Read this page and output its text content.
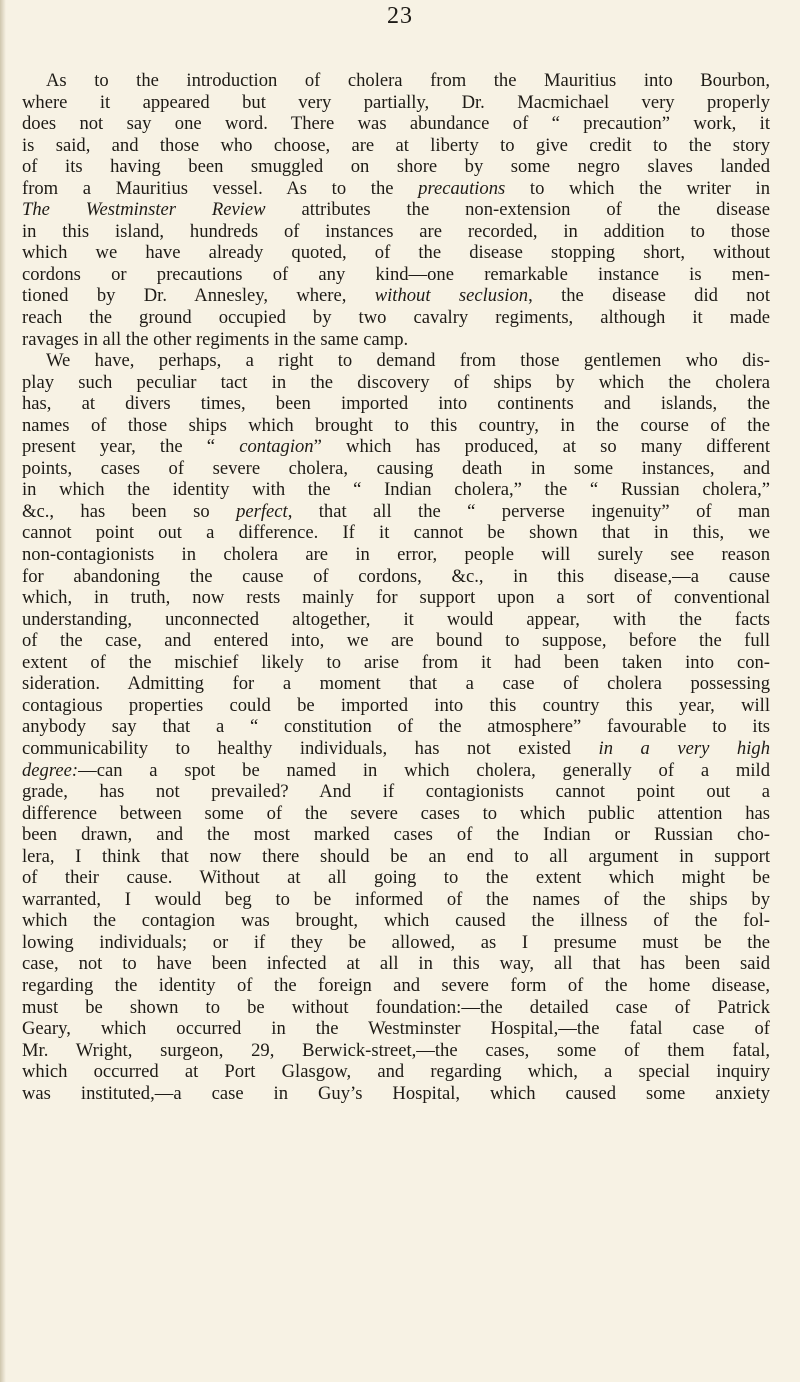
23
As to the introduction of cholera from the Mauritius into Bourbon,
where it appeared but very partially, Dr. Macmichael very properly
does not say one word. There was abundance of “ precaution” work, it
is said, and those who choose, are at liberty to give credit to the story
of its having been smuggled on shore by some negro slaves landed
from a Mauritius vessel. As to the precautions to which the writer in
The Westminster Review attributes the non-extension of the disease
in this island, hundreds of instances are recorded, in addition to those
which we have already quoted, of the disease stopping short, without
cordons or precautions of any kind—one remarkable instance is men-
tioned by Dr. Annesley, where, without seclusion, the disease did not
reach the ground occupied by two cavalry regiments, although it made
ravages in all the other regiments in the same camp.
We have, perhaps, a right to demand from those gentlemen who dis-
play such peculiar tact in the discovery of ships by which the cholera
has, at divers times, been imported into continents and islands, the
names of those ships which brought to this country, in the course of the
present year, the “ contagion” which has produced, at so many different
points, cases of severe cholera, causing death in some instances, and
in which the identity with the “ Indian cholera,” the “ Russian cholera,”
&c., has been so perfect, that all the “ perverse ingenuity” of man
cannot point out a difference. If it cannot be shown that in this, we
non-contagionists in cholera are in error, people will surely see reason
for abandoning the cause of cordons, &c., in this disease,—a cause
which, in truth, now rests mainly for support upon a sort of conventional
understanding, unconnected altogether, it would appear, with the facts
of the case, and entered into, we are bound to suppose, before the full
extent of the mischief likely to arise from it had been taken into con-
sideration. Admitting for a moment that a case of cholera possessing
contagious properties could be imported into this country this year, will
anybody say that a “ constitution of the atmosphere” favourable to its
communicability to healthy individuals, has not existed in a very high
degree:—can a spot be named in which cholera, generally of a mild
grade, has not prevailed? And if contagionists cannot point out a
difference between some of the severe cases to which public attention has
been drawn, and the most marked cases of the Indian or Russian cho-
lera, I think that now there should be an end to all argument in support
of their cause. Without at all going to the extent which might be
warranted, I would beg to be informed of the names of the ships by
which the contagion was brought, which caused the illness of the fol-
lowing individuals; or if they be allowed, as I presume must be the
case, not to have been infected at all in this way, all that has been said
regarding the identity of the foreign and severe form of the home disease,
must be shown to be without foundation:—the detailed case of Patrick
Geary, which occurred in the Westminster Hospital,—the fatal case of
Mr. Wright, surgeon, 29, Berwick-street,—the cases, some of them fatal,
which occurred at Port Glasgow, and regarding which, a special inquiry
was instituted,—a case in Guy’s Hospital, which caused some anxiety
